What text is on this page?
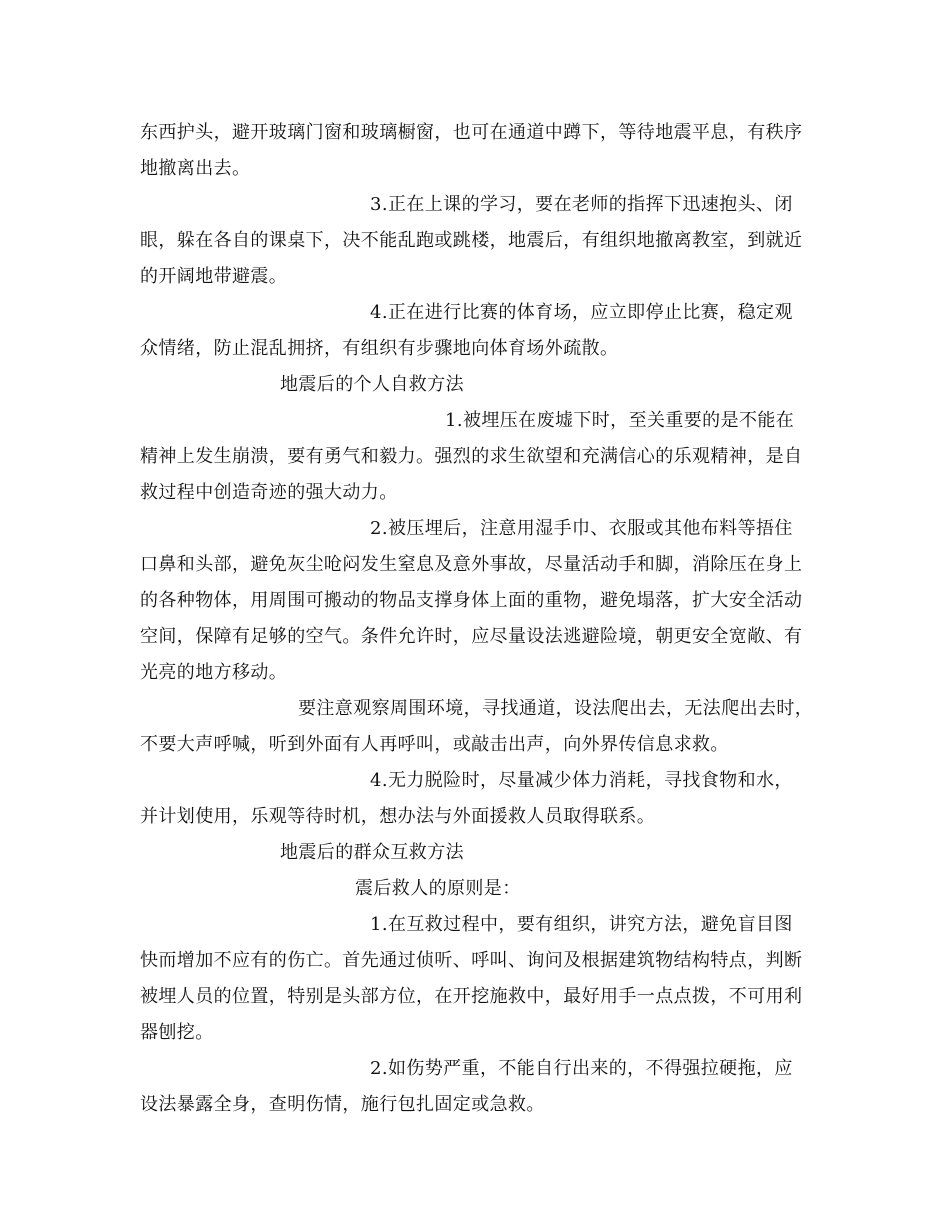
东西护头，避开玻璃门窗和玻璃橱窗，也可在通道中蹲下，等待地震平息，有秩序
地撤离出去。
3.正在上课的学习，要在老师的指挥下迅速抱头、闭
眼，躲在各自的课桌下，决不能乱跑或跳楼，地震后，有组织地撤离教室，到就近
的开阔地带避震。
4.正在进行比赛的体育场，应立即停止比赛，稳定观
众情绪，防止混乱拥挤，有组织有步骤地向体育场外疏散。
地震后的个人自救方法
1.被埋压在废墟下时，至关重要的是不能在
精神上发生崩溃，要有勇气和毅力。强烈的求生欲望和充满信心的乐观精神，是自
救过程中创造奇迹的强大动力。
2.被压埋后，注意用湿手巾、衣服或其他布料等捂住
口鼻和头部，避免灰尘呛闷发生窒息及意外事故，尽量活动手和脚，消除压在身上
的各种物体，用周围可搬动的物品支撑身体上面的重物，避免塌落，扩大安全活动
空间，保障有足够的空气。条件允许时，应尽量设法逃避险境，朝更安全宽敞、有
光亮的地方移动。
要注意观察周围环境，寻找通道，设法爬出去，无法爬出去时，
不要大声呼喊，听到外面有人再呼叫，或敲击出声，向外界传信息求救。
4.无力脱险时，尽量减少体力消耗，寻找食物和水，
并计划使用，乐观等待时机，想办法与外面援救人员取得联系。
地震后的群众互救方法
震后救人的原则是：
1.在互救过程中，要有组织，讲究方法，避免盲目图
快而增加不应有的伤亡。首先通过侦听、呼叫、询问及根据建筑物结构特点，判断
被埋人员的位置，特别是头部方位，在开挖施救中，最好用手一点点拨，不可用利
器刨挖。
2.如伤势严重，不能自行出来的，不得强拉硬拖，应
设法暴露全身，查明伤情，施行包扎固定或急救。
